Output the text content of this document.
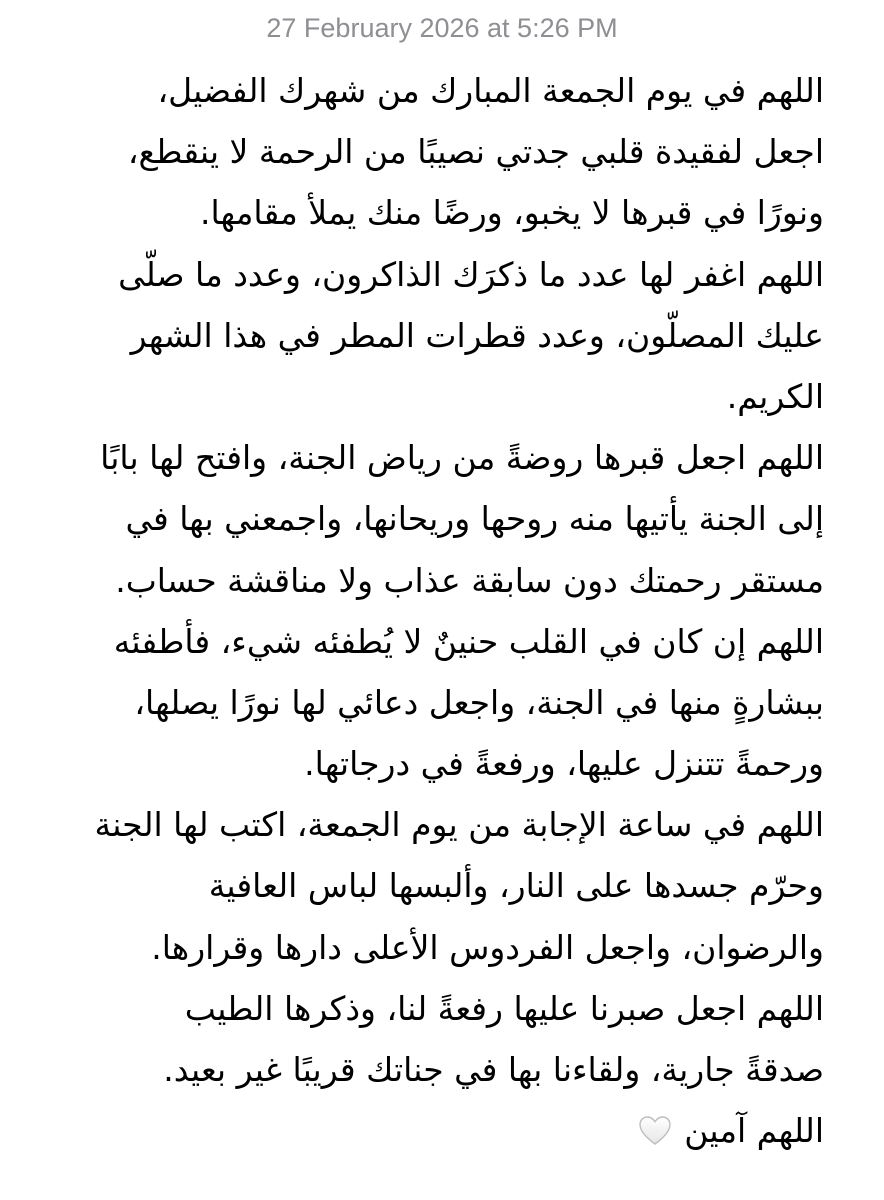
27 February 2026 at 5:26 PM
اللهم في يوم الجمعة المبارك من شهرك الفضيل،
اجعل لفقيدة قلبي جدتي نصيبًا من الرحمة لا ينقطع،
ونورًا في قبرها لا يخبو، ورضًا منك يملأ مقامها.
اللهم اغفر لها عدد ما ذكرَك الذاكرون، وعدد ما صلّى
عليك المصلّون، وعدد قطرات المطر في هذا الشهر
الكريم.
اللهم اجعل قبرها روضةً من رياض الجنة، وافتح لها بابًا
إلى الجنة يأتيها منه روحها وريحانها، واجمعني بها في
مستقر رحمتك دون سابقة عذاب ولا مناقشة حساب.
اللهم إن كان في القلب حنينٌ لا يُطفئه شيء، فأطفئه
ببشارةٍ منها في الجنة، واجعل دعائي لها نورًا يصلها،
ورحمةً تتنزل عليها، ورفعةً في درجاتها.
اللهم في ساعة الإجابة من يوم الجمعة، اكتب لها الجنة
وحرّم جسدها على النار، وألبسها لباس العافية
والرضوان، واجعل الفردوس الأعلى دارها وقرارها.
اللهم اجعل صبرنا عليها رفعةً لنا، وذكرها الطيب
صدقةً جارية، ولقاءنا بها في جناتك قريبًا غير بعيد.
اللهم آمين
